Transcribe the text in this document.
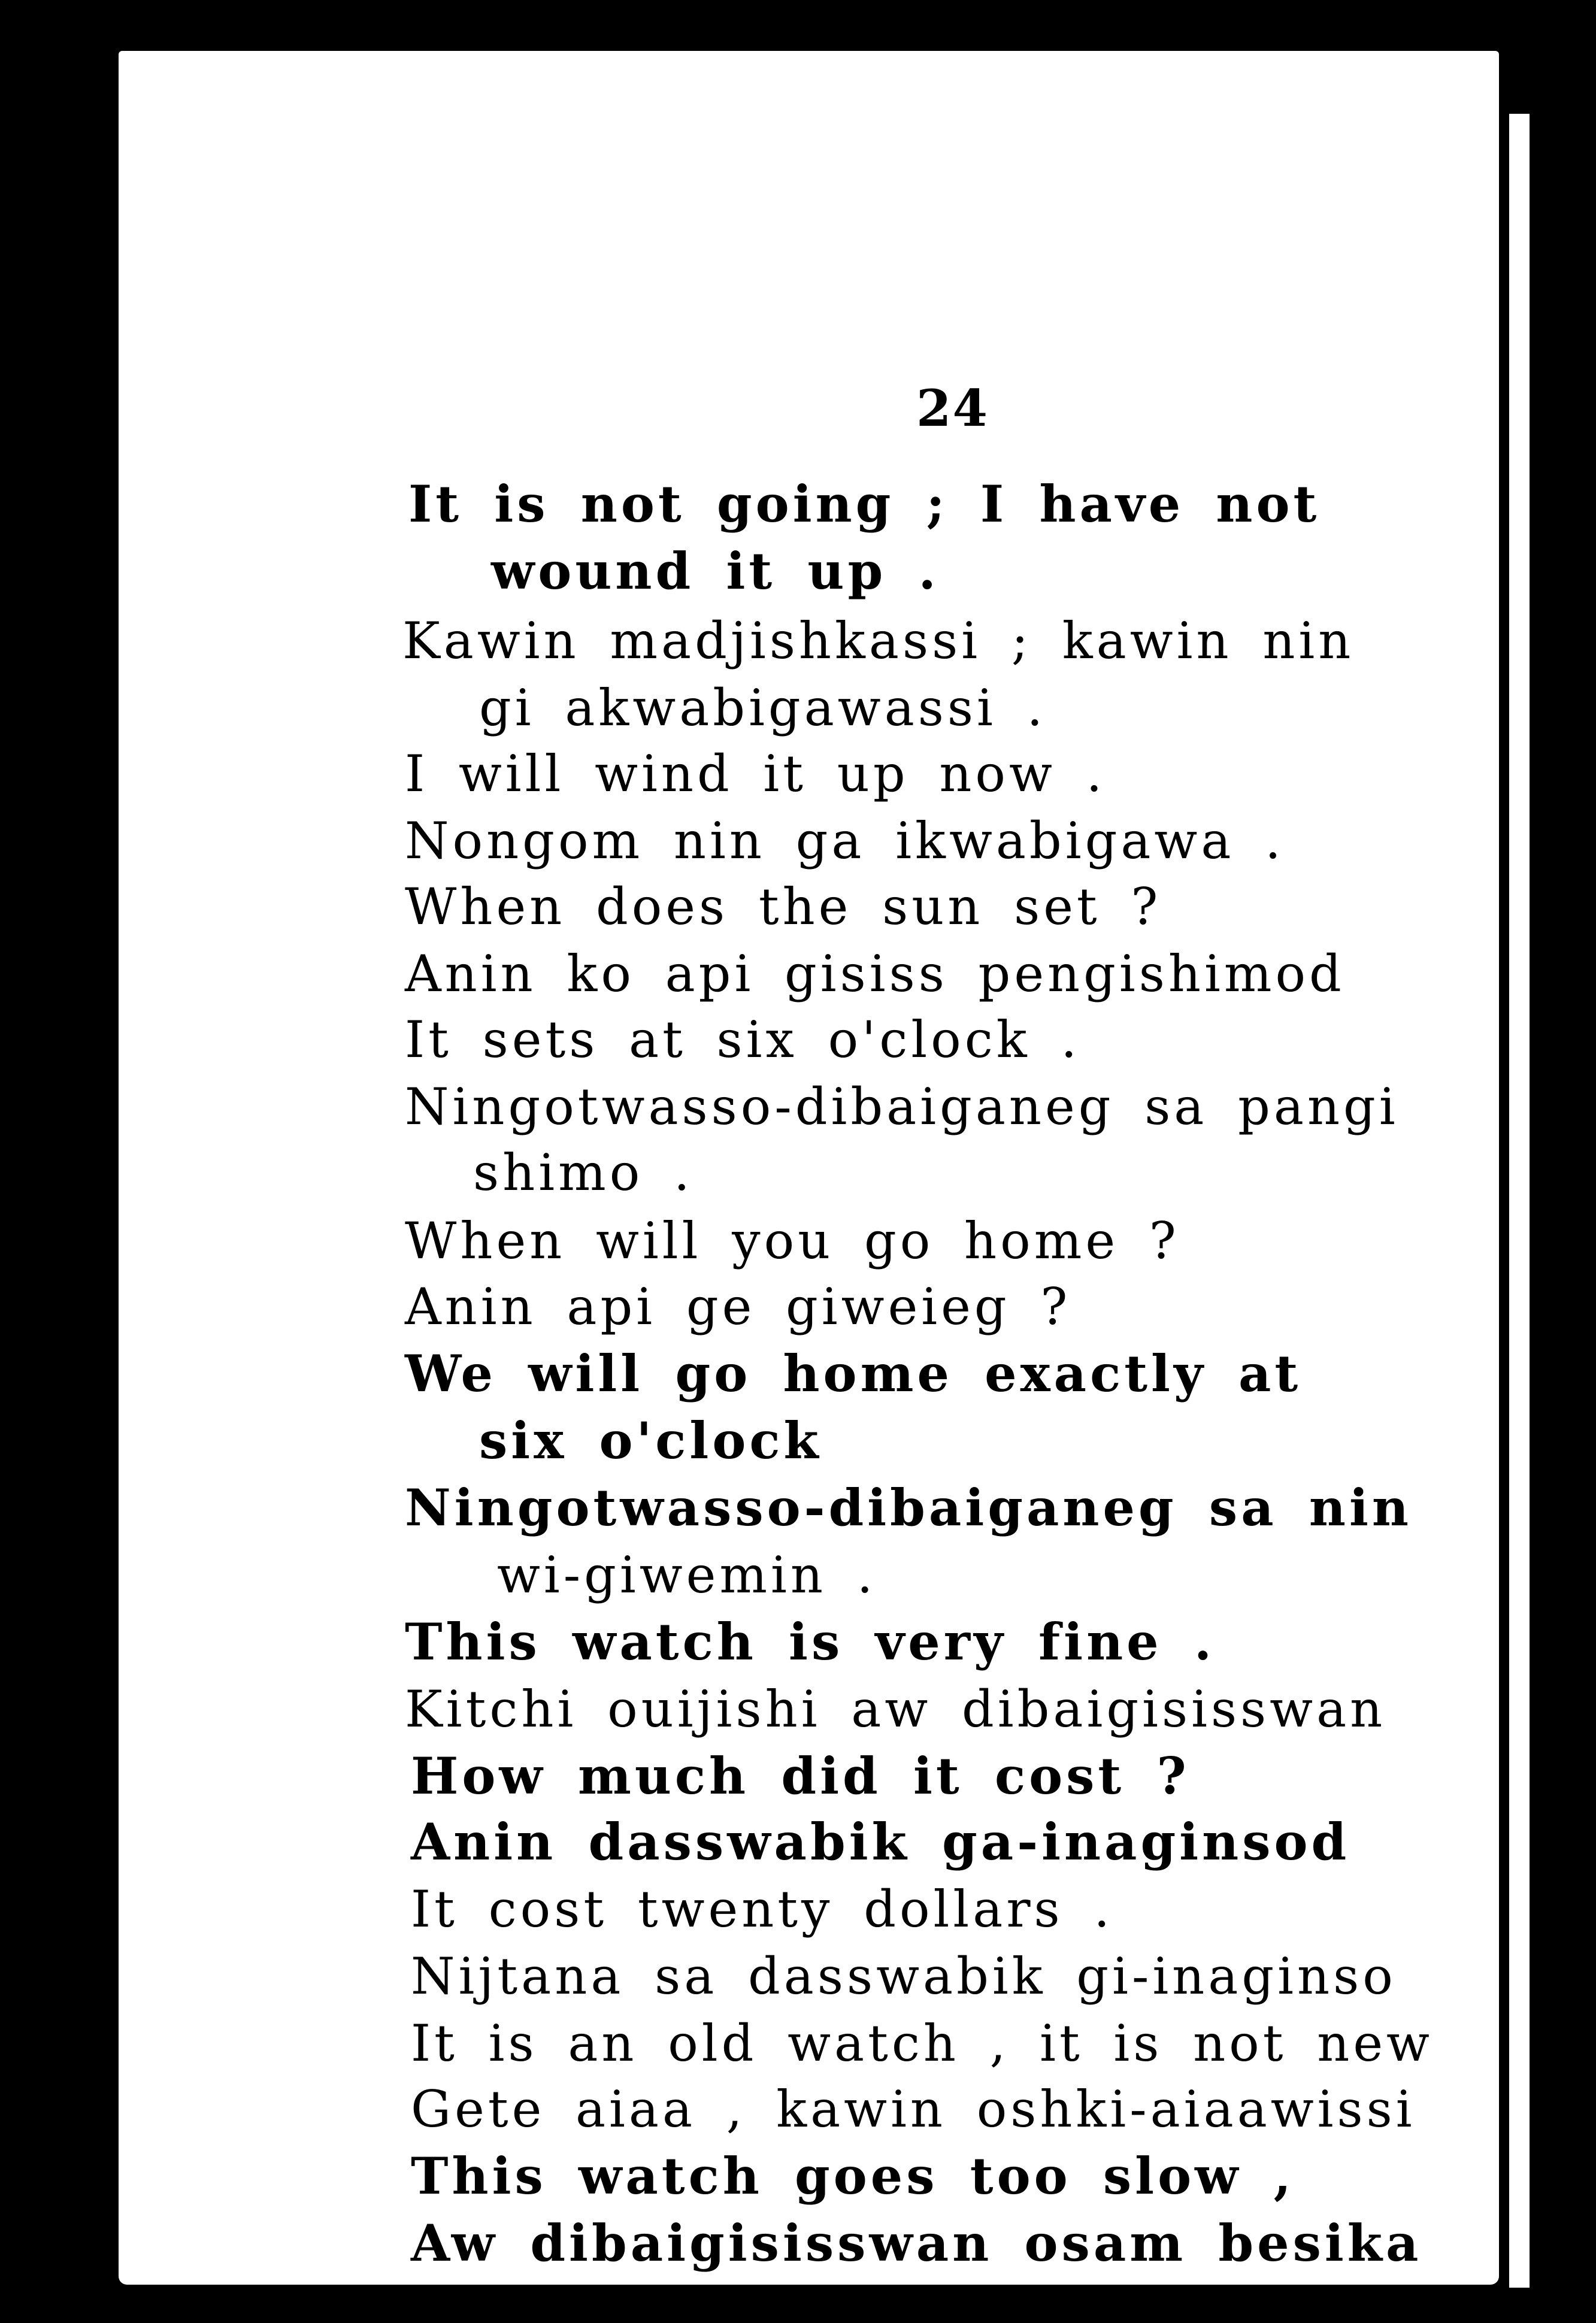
24
It is not going ; I have not
wound it up .
Kawin madjishkassi ; kawin nin
gi akwabigawassi .
I will wind it up now .
Nongom nin ga ikwabigawa .
When does the sun set ?
Anin ko api gisiss pengishimod
It sets at six o'clock .
Ningotwasso-dibaiganeg sa pangi
shimo .
When will you go home ?
Anin api ge giweieg ?
We will go home exactly at
six o'clock
Ningotwasso-dibaiganeg sa nin
wi-giwemin .
This watch is very fine .
Kitchi ouijishi aw dibaigisisswan
How much did it cost ?
Anin dasswabik ga-inaginsod
It cost twenty dollars .
Nijtana sa dasswabik gi-inaginso
It is an old watch , it is not new
Gete aiaa , kawin oshki-aiaawissi
This watch goes too slow ,
Aw dibaigisisswan osam besika
